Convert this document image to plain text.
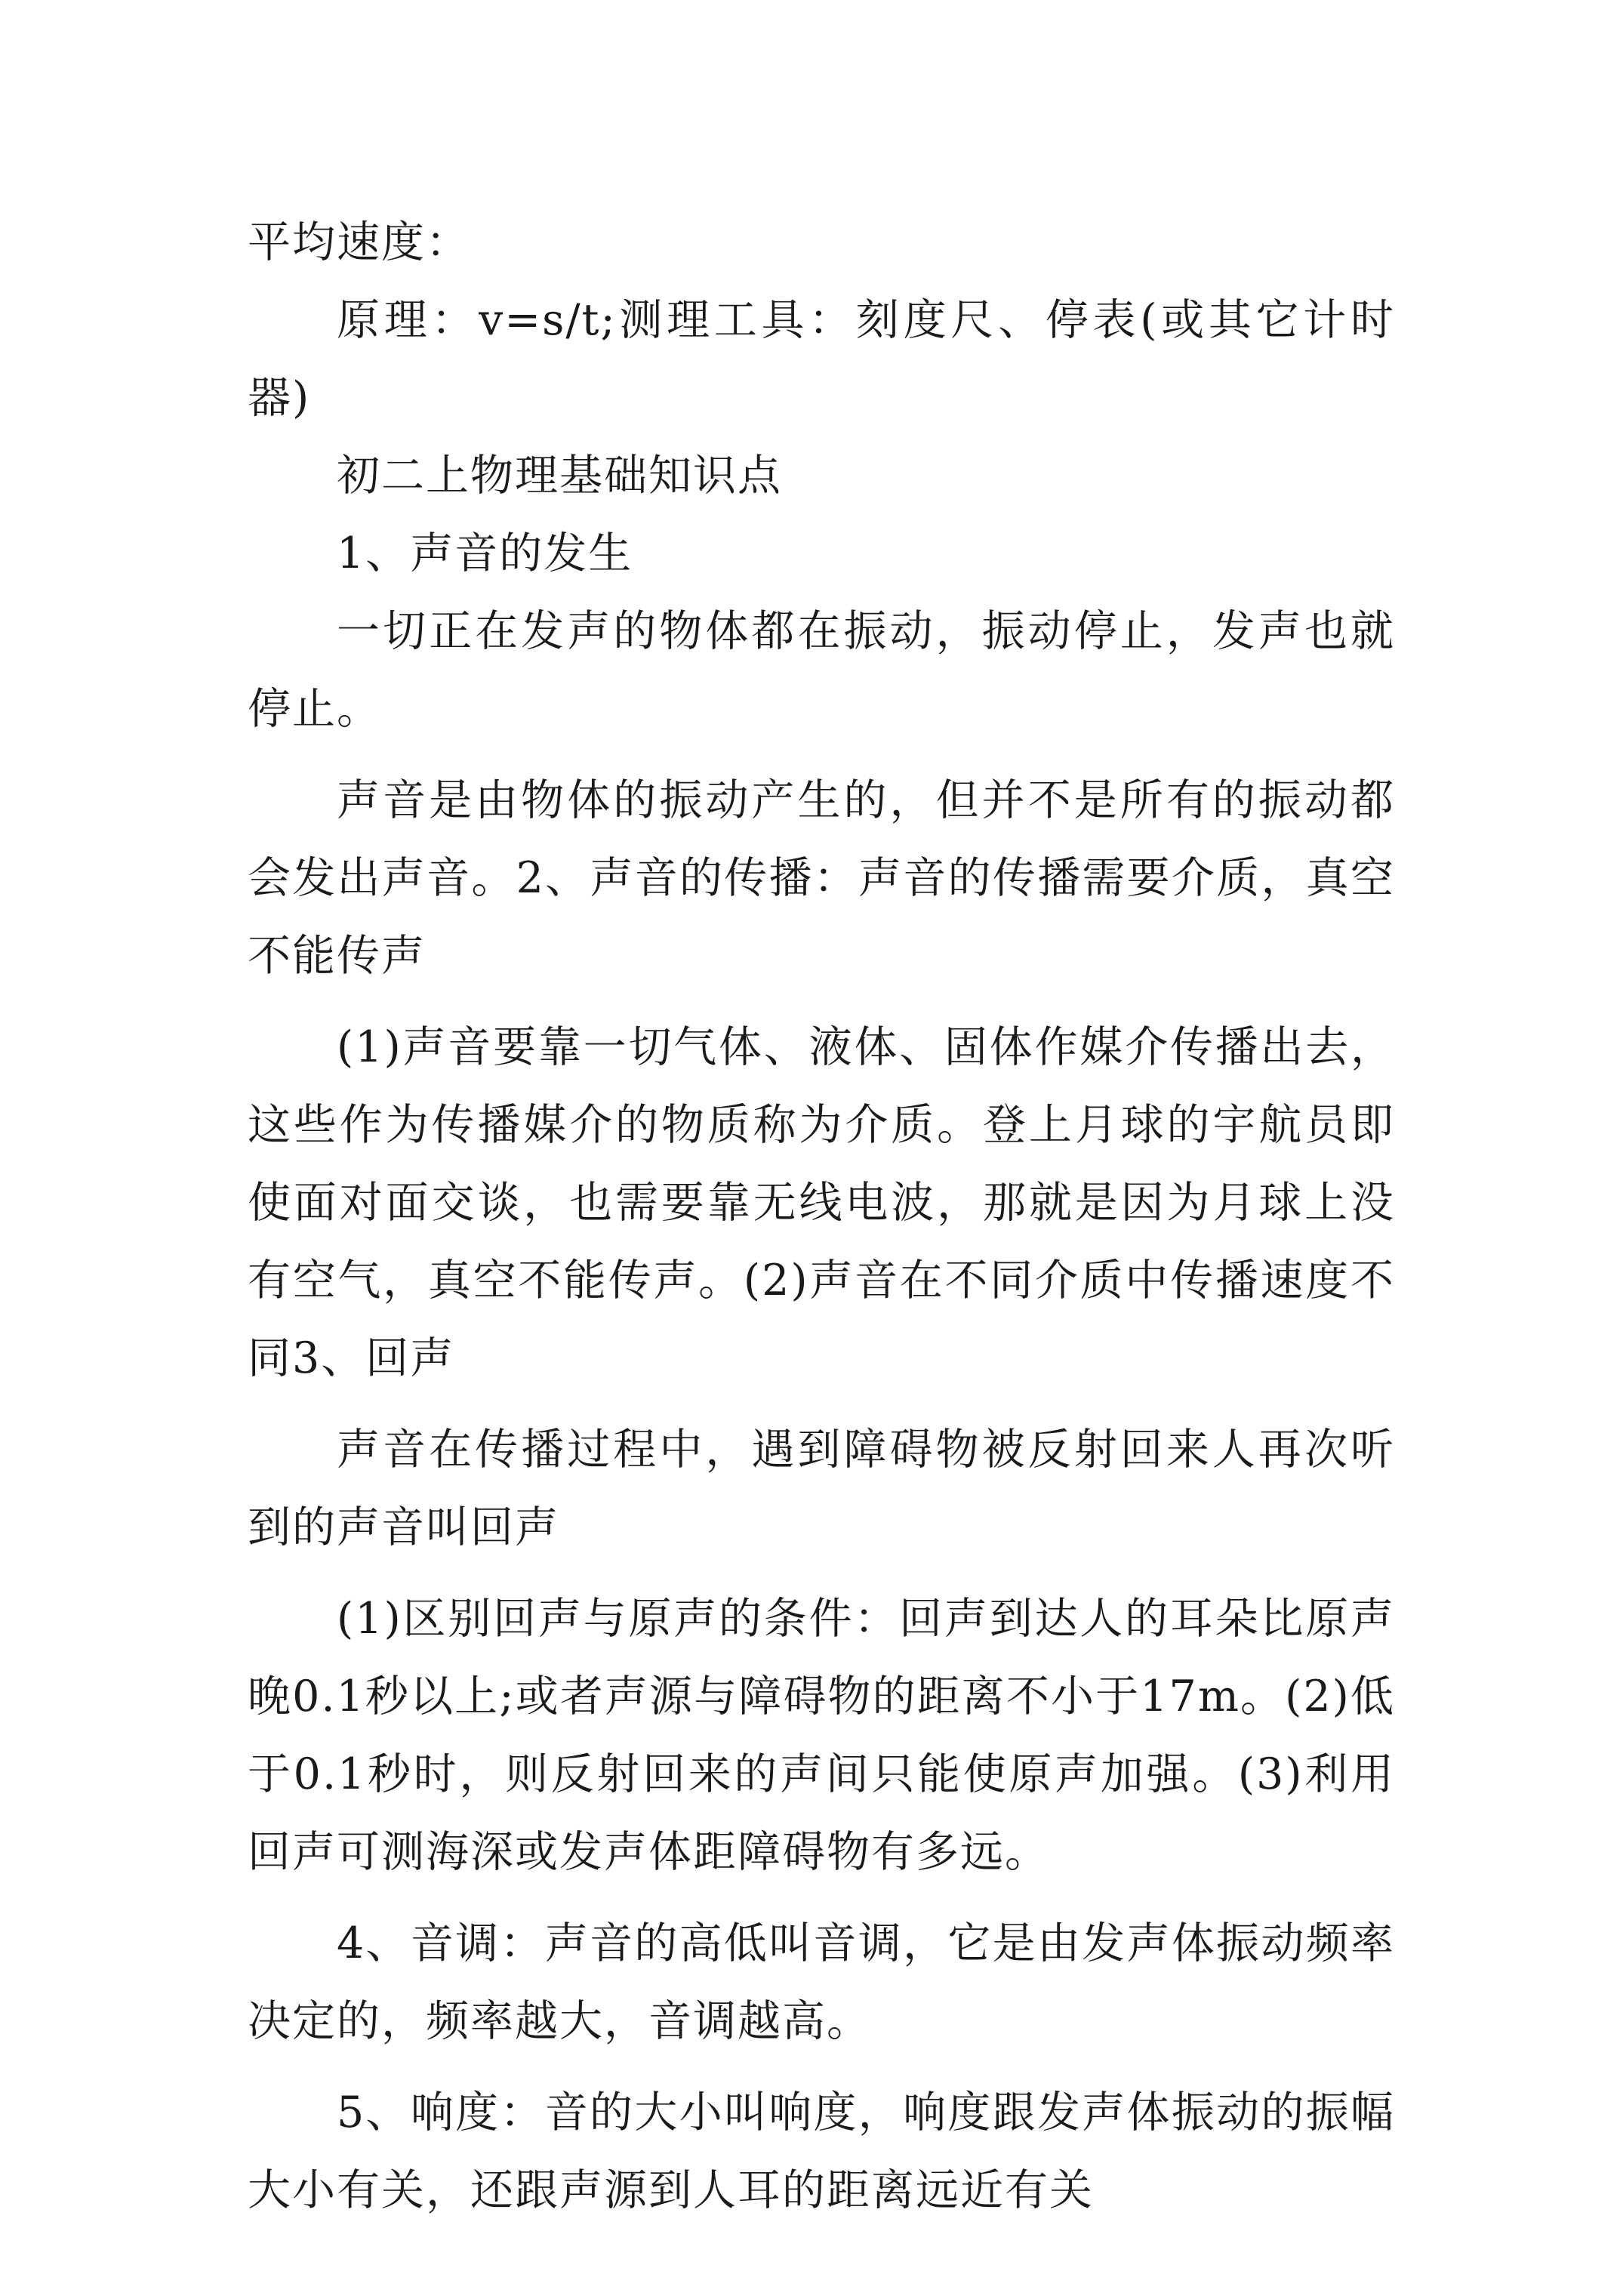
平均速度：

原理：v=s/t;测理工具：刻度尺、停表(或其它计时器)

初二上物理基础知识点

1、声音的发生

一切正在发声的物体都在振动，振动停止，发声也就停止。

声音是由物体的振动产生的，但并不是所有的振动都会发出声音。2、声音的传播：声音的传播需要介质，真空不能传声

(1)声音要靠一切气体、液体、固体作媒介传播出去，这些作为传播媒介的物质称为介质。登上月球的宇航员即使面对面交谈，也需要靠无线电波，那就是因为月球上没有空气，真空不能传声。(2)声音在不同介质中传播速度不同3、回声

声音在传播过程中，遇到障碍物被反射回来人再次听到的声音叫回声

(1)区别回声与原声的条件：回声到达人的耳朵比原声晚0.1秒以上;或者声源与障碍物的距离不小于17m。(2)低于0.1秒时，则反射回来的声间只能使原声加强。(3)利用回声可测海深或发声体距障碍物有多远。

4、音调：声音的高低叫音调，它是由发声体振动频率决定的，频率越大，音调越高。

5、响度：音的大小叫响度，响度跟发声体振动的振幅大小有关，还跟声源到人耳的距离远近有关
